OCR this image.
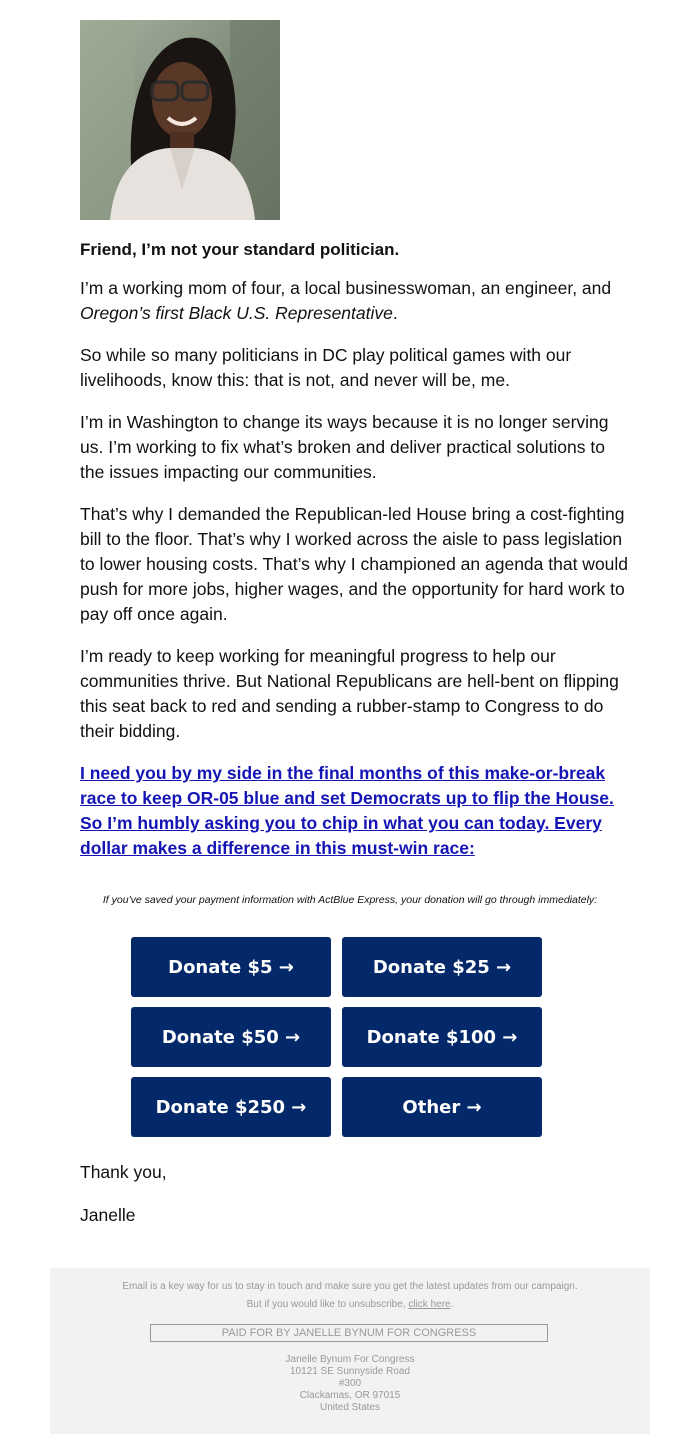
Friend, I’m not your standard politician.

I’m a working mom of four, a local businesswoman, an engineer, and Oregon’s first Black U.S. Representative.

So while so many politicians in DC play political games with our livelihoods, know this: that is not, and never will be, me.

I’m in Washington to change its ways because it is no longer serving us. I’m working to fix what’s broken and deliver practical solutions to the issues impacting our communities.

That’s why I demanded the Republican-led House bring a cost-fighting bill to the floor. That’s why I worked across the aisle to pass legislation to lower housing costs. That’s why I championed an agenda that would push for more jobs, higher wages, and the opportunity for hard work to pay off once again.

I’m ready to keep working for meaningful progress to help our communities thrive. But National Republicans are hell-bent on flipping this seat back to red and sending a rubber-stamp to Congress to do their bidding.

I need you by my side in the final months of this make-or-break race to keep OR-05 blue and set Democrats up to flip the House. So I’m humbly asking you to chip in what you can today. Every dollar makes a difference in this must-win race:
If you've saved your payment information with ActBlue Express, your donation will go through immediately:
Donate $5 →	Donate $25 →
Donate $50 →	Donate $100 →
Donate $250 →	Other →
Thank you,
Janelle
Email is a key way for us to stay in touch and make sure you get the latest updates from our campaign.
But if you would like to unsubscribe, click here.
PAID FOR BY JANELLE BYNUM FOR CONGRESS
Janelle Bynum For Congress
10121 SE Sunnyside Road
#300
Clackamas, OR 97015
United States
